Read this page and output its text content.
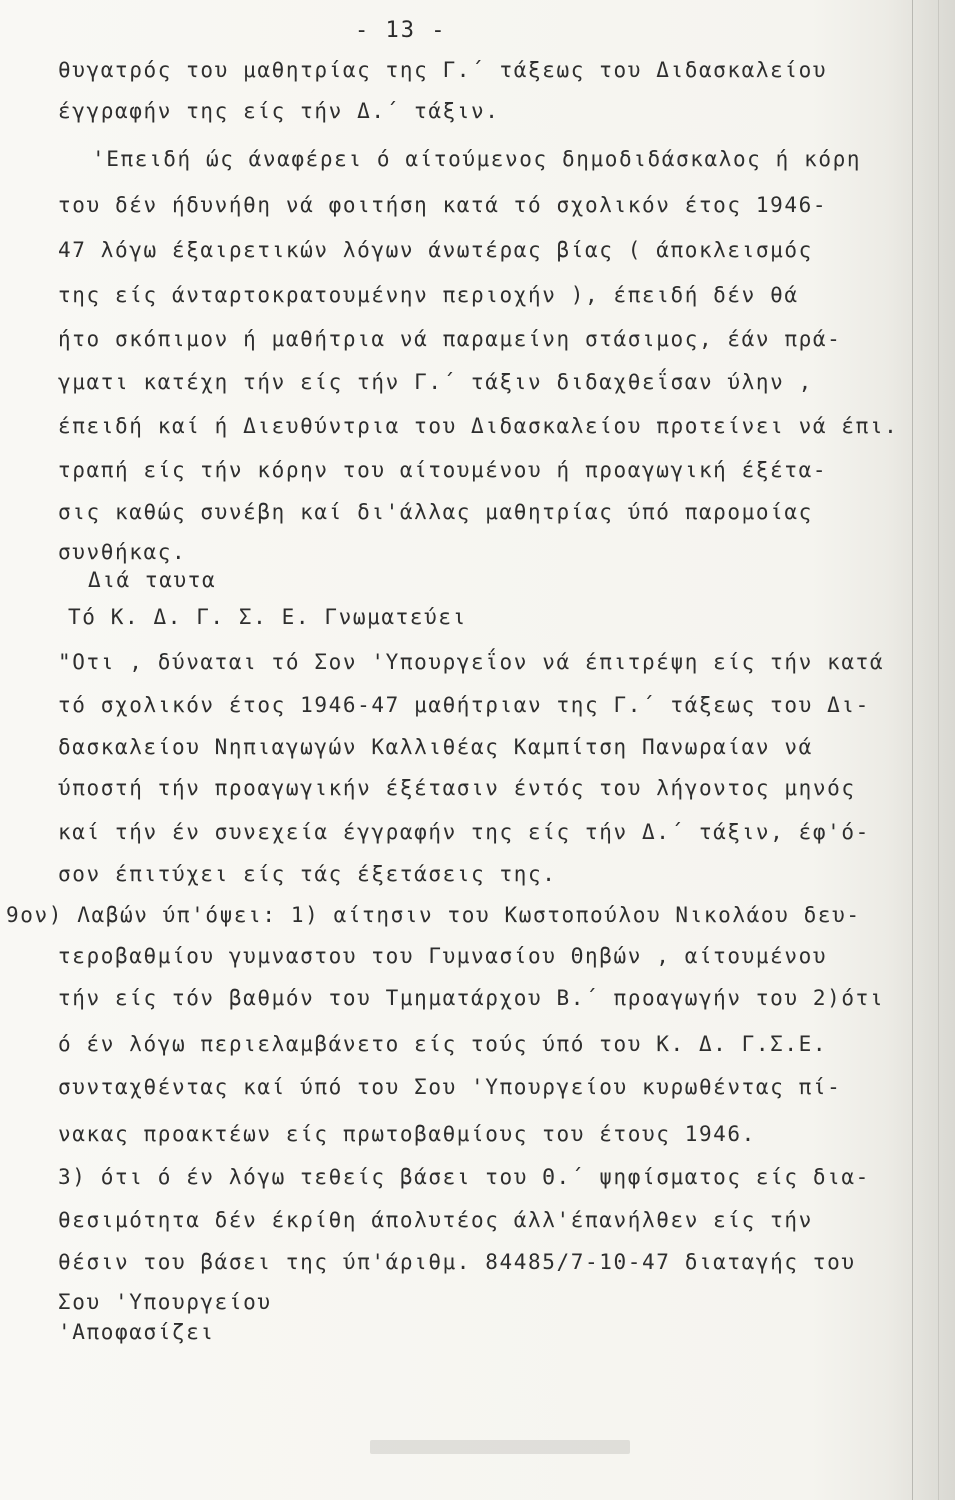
- 13 -
θυγατρός του μαθητρίας της Γ.΄ τάξεως του Διδασκαλείου
έγγραφήν της είς τήν Δ.΄ τάξιν.
'Επειδή ώς άναφέρει ό αίτούμενος δημοδιδάσκαλος ή κόρη
του δέν ήδυνήθη νά φοιτήση κατά τό σχολικόν έτος 1946-
47 λόγω έξαιρετικών λόγων άνωτέρας βίας ( άποκλεισμός
της είς άνταρτοκρατουμένην περιοχήν ), έπειδή δέν θά
ήτο σκόπιμον ή μαθήτρια νά παραμείνη στάσιμος, έάν πρά-
γματι κατέχη τήν είς τήν Γ.΄ τάξιν διδαχθεΐσαν ύλην ,
έπειδή καί ή Διευθύντρια του Διδασκαλείου προτείνει νά έπι.
τραπή είς τήν κόρην του αίτουμένου ή προαγωγική έξέτα-
σις καθώς συνέβη καί δι'άλλας μαθητρίας ύπό παρομοίας
συνθήκας.
Διά ταυτα
Τό Κ. Δ. Γ. Σ. Ε. Γνωματεύει
"Οτι , δύναται τό Σον 'Υπουργεΐον νά έπιτρέψη είς τήν κατά
τό σχολικόν έτος 1946-47 μαθήτριαν της Γ.΄ τάξεως του Δι-
δασκαλείου Νηπιαγωγών Καλλιθέας Καμπίτση Πανωραίαν νά
ύποστή τήν προαγωγικήν έξέτασιν έντός του λήγοντος μηνός
καί τήν έν συνεχεία έγγραφήν της είς τήν Δ.΄ τάξιν, έφ'ό-
σον έπιτύχει είς τάς έξετάσεις της.
9ον) Λαβών ύπ'όψει: 1) αίτησιν του Κωστοπούλου Νικολάου δευ-
τεροβαθμίου γυμναστου του Γυμνασίου Θηβών , αίτουμένου
τήν είς τόν βαθμόν του Τμηματάρχου Β.΄ προαγωγήν του 2)ότι
ό έν λόγω περιελαμβάνετο είς τούς ύπό του Κ. Δ. Γ.Σ.Ε.
συνταχθέντας καί ύπό του Σου 'Υπουργείου κυρωθέντας πί-
νακας προακτέων είς πρωτοβαθμίους του έτους 1946.
3) ότι ό έν λόγω τεθείς βάσει του Θ.΄ ψηφίσματος είς δια-
θεσιμότητα δέν έκρίθη άπολυτέος άλλ'έπανήλθεν είς τήν
θέσιν του βάσει της ύπ'άριθμ. 84485/7-10-47 διαταγής του
Σου 'Υπουργείου
'Αποφασίζει
